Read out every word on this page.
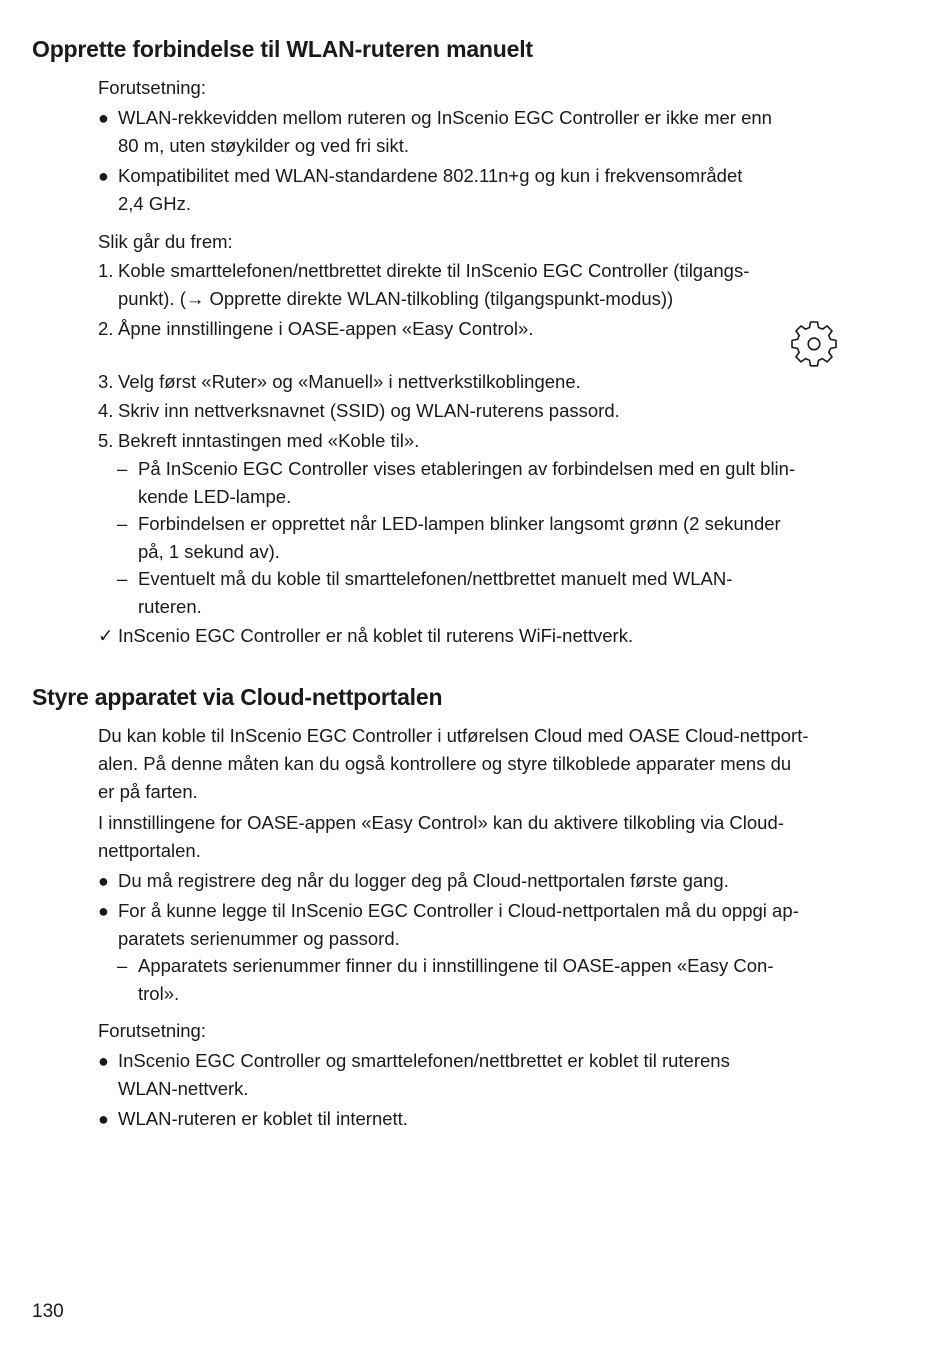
Opprette forbindelse til WLAN-ruteren manuelt
Forutsetning:
● WLAN-rekkevidden mellom ruteren og InScenio EGC Controller er ikke mer enn
80 m, uten støykilder og ved fri sikt.
● Kompatibilitet med WLAN-standardene 802.11n+g og kun i frekvensområdet
2,4 GHz.
Slik går du frem:
1. Koble smarttelefonen/nettbrettet direkte til InScenio EGC Controller (tilgangs-
punkt). (→ Opprette direkte WLAN-tilkobling (tilgangspunkt-modus))
2. Åpne innstillingene i OASE-appen «Easy Control».
3. Velg først «Ruter» og «Manuell» i nettverkstilkoblingene.
4. Skriv inn nettverksnavnet (SSID) og WLAN-ruterens passord.
5. Bekreft inntastingen med «Koble til».
– På InScenio EGC Controller vises etableringen av forbindelsen med en gult blin-
kende LED-lampe.
– Forbindelsen er opprettet når LED-lampen blinker langsomt grønn (2 sekunder
på, 1 sekund av).
– Eventuelt må du koble til smarttelefonen/nettbrettet manuelt med WLAN-
ruteren.
✓ InScenio EGC Controller er nå koblet til ruterens WiFi-nettverk.
Styre apparatet via Cloud-nettportalen
Du kan koble til InScenio EGC Controller i utførelsen Cloud med OASE Cloud-nettport-
alen. På denne måten kan du også kontrollere og styre tilkoblede apparater mens du
er på farten.
I innstillingene for OASE-appen «Easy Control» kan du aktivere tilkobling via Cloud-
nettportalen.
● Du må registrere deg når du logger deg på Cloud-nettportalen første gang.
● For å kunne legge til InScenio EGC Controller i Cloud-nettportalen må du oppgi ap-
paratets serienummer og passord.
– Apparatets serienummer finner du i innstillingene til OASE-appen «Easy Con-
trol».
Forutsetning:
● InScenio EGC Controller og smarttelefonen/nettbrettet er koblet til ruterens
WLAN-nettverk.
● WLAN-ruteren er koblet til internett.
130
